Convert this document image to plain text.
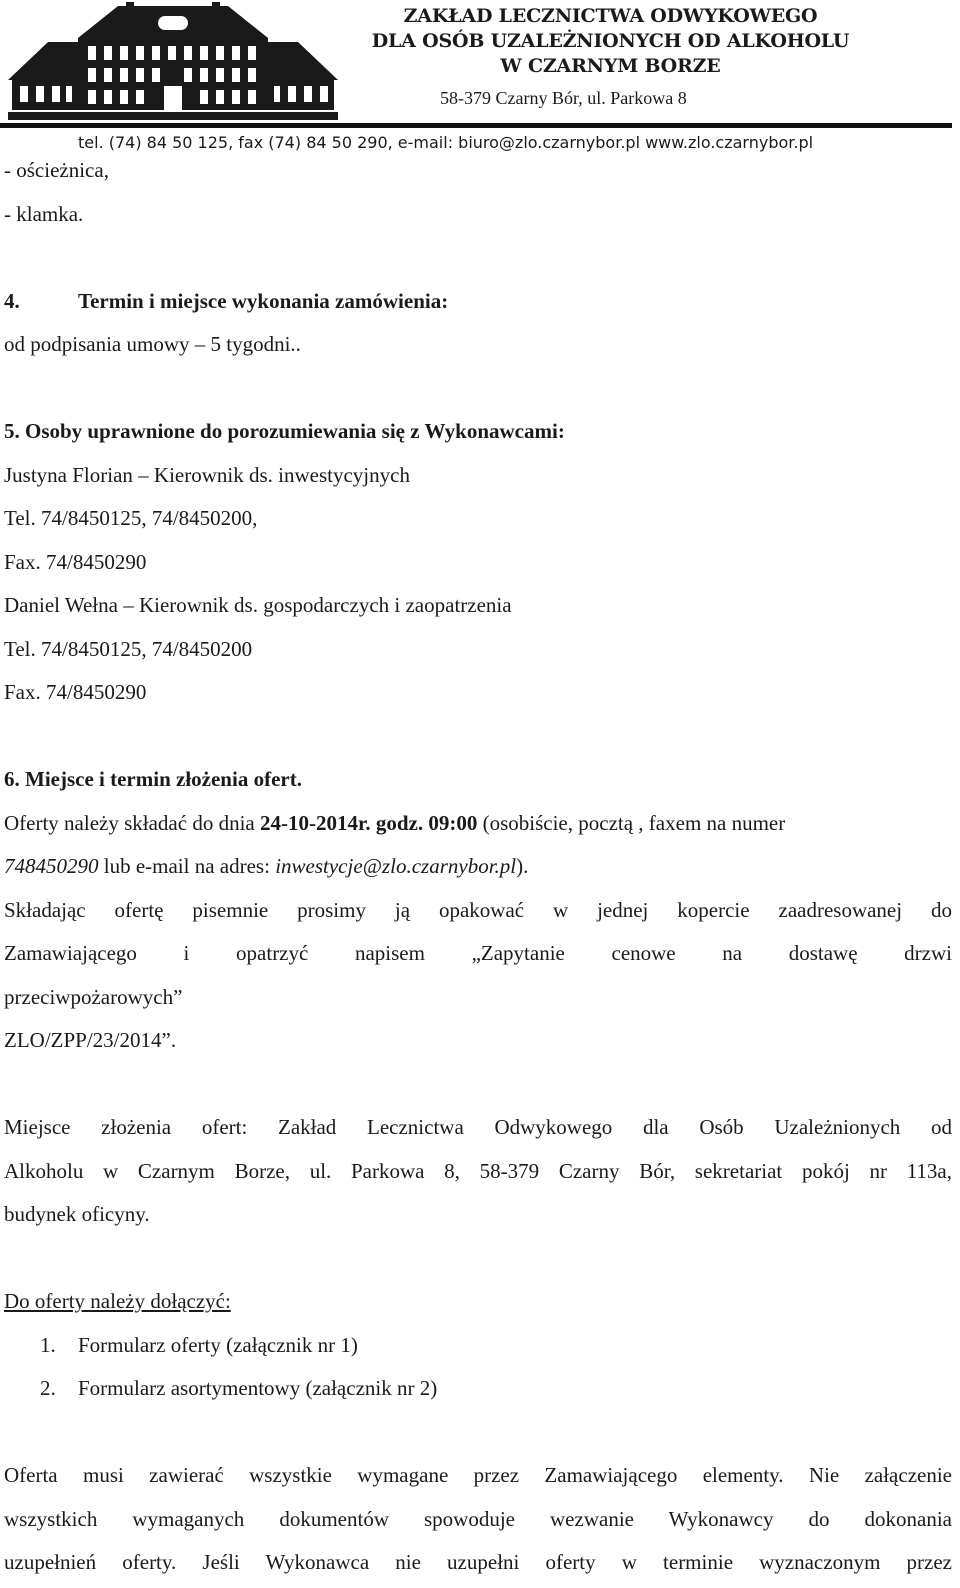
ZAKŁAD LECZNICTWA ODWYKOWEGO
DLA OSÓB UZALEŻNIONYCH OD ALKOHOLU
W CZARNYM BORZE
58-379 Czarny Bór, ul. Parkowa 8
tel. (74) 84 50 125, fax (74) 84 50 290, e-mail: biuro@zlo.czarnybor.pl www.zlo.czarnybor.pl
- ościeżnica,
- klamka.
4.	Termin i miejsce wykonania zamówienia:
od podpisania umowy – 5 tygodni..
5. Osoby uprawnione do porozumiewania się z Wykonawcami:
Justyna Florian – Kierownik ds. inwestycyjnych
Tel. 74/8450125, 74/8450200,
Fax. 74/8450290
Daniel Wełna – Kierownik ds. gospodarczych i zaopatrzenia
Tel. 74/8450125, 74/8450200
Fax. 74/8450290
6. Miejsce i termin złożenia ofert.
Oferty należy składać do dnia 24-10-2014r. godz. 09:00 (osobiście, pocztą , faxem na numer
748450290 lub e-mail na adres: inwestycje@zlo.czarnybor.pl).
Składając ofertę pisemnie prosimy ją opakować w jednej kopercie zaadresowanej do
Zamawiającego i opatrzyć napisem „Zapytanie cenowe na dostawę drzwi
przeciwpożarowych”
ZLO/ZPP/23/2014”.
Miejsce złożenia ofert: Zakład Lecznictwa Odwykowego dla Osób Uzależnionych od
Alkoholu w Czarnym Borze, ul. Parkowa 8, 58-379 Czarny Bór, sekretariat pokój nr 113a,
budynek oficyny.
Do oferty należy dołączyć:
1. Formularz oferty (załącznik nr 1)
2. Formularz asortymentowy (załącznik nr 2)
Oferta musi zawierać wszystkie wymagane przez Zamawiającego elementy. Nie załączenie
wszystkich wymaganych dokumentów spowoduje wezwanie Wykonawcy do dokonania
uzupełnień oferty. Jeśli Wykonawca nie uzupełni oferty w terminie wyznaczonym przez
